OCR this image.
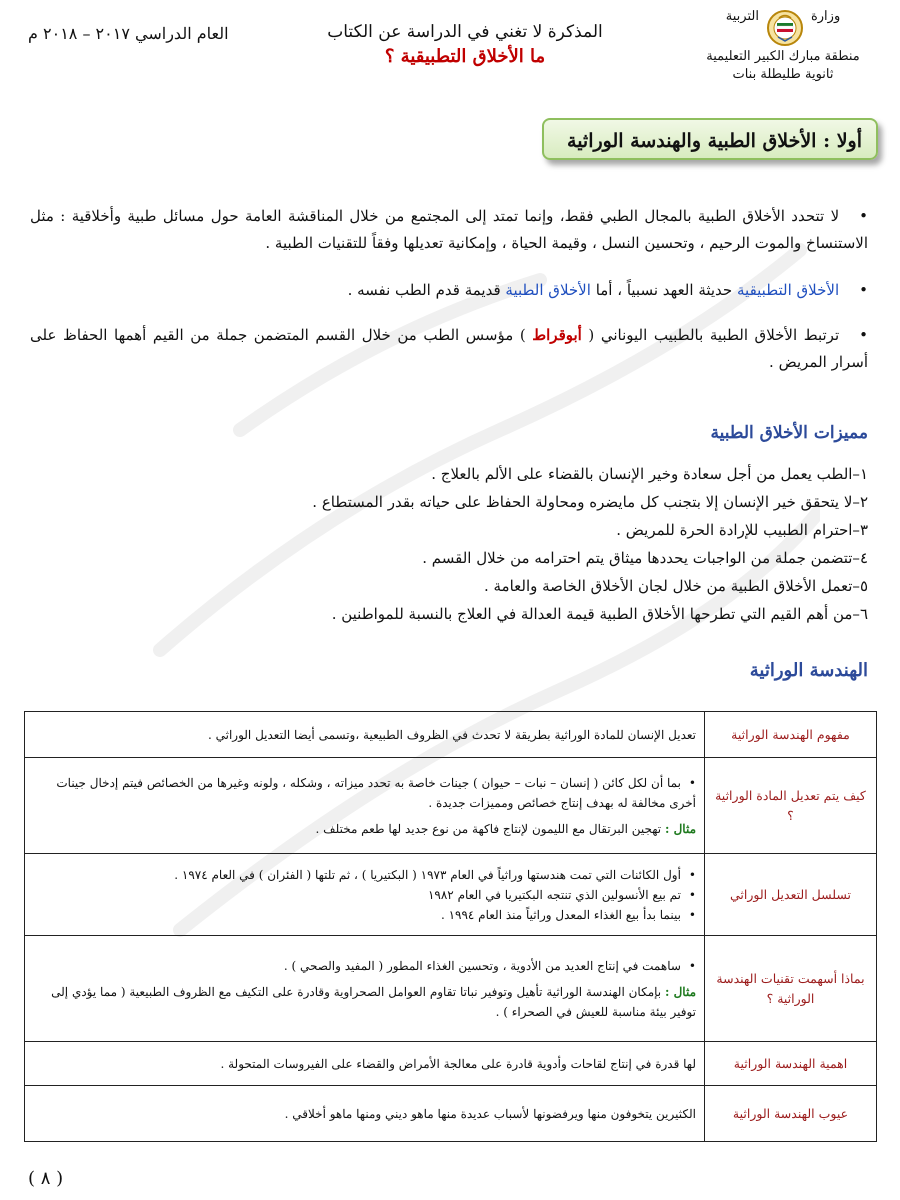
وزارة
التربية
منطقة مبارك الكبير التعليمية
ثانوية طليطلة بنات
المذكرة لا تغني في الدراسة عن الكتاب
ما الأخلاق التطبيقية ؟
العام الدراسي ٢٠١٧ – ٢٠١٨ م
أولا : الأخلاق الطبية والهندسة الوراثية
•لا تتحدد الأخلاق الطبية بالمجال الطبي فقط، وإنما تمتد إلى المجتمع من خلال المناقشة العامة حول مسائل طبية وأخلاقية : مثل الاستنساخ والموت الرحيم ، وتحسين النسل ، وقيمة الحياة ، وإمكانية تعديلها وفقاً للتقنيات الطبية .
•الأخلاق التطبيقية حديثة العهد نسبياً ، أما الأخلاق الطبية قديمة قدم الطب نفسه .
•ترتبط الأخلاق الطبية بالطبيب اليوناني ( أبوقراط ) مؤسس الطب من خلال القسم المتضمن جملة من القيم أهمها الحفاظ على أسرار المريض .
مميزات الأخلاق الطبية
١–الطب يعمل من أجل سعادة وخير الإنسان بالقضاء على الألم بالعلاج .
٢–لا يتحقق خير الإنسان إلا بتجنب كل مايضره ومحاولة الحفاظ على حياته بقدر المستطاع .
٣–احترام الطبيب للإرادة الحرة للمريض .
٤–تتضمن جملة من الواجبات يحددها ميثاق يتم احترامه من خلال القسم .
٥–تعمل الأخلاق الطبية من خلال لجان الأخلاق الخاصة والعامة .
٦–من أهم القيم التي تطرحها الأخلاق الطبية قيمة العدالة في العلاج بالنسبة للمواطنين .
الهندسة الوراثية
مفهوم الهندسة الوراثية	تعديل الإنسان للمادة الوراثية بطريقة لا تحدث في الظروف الطبيعية ،وتسمى أيضا التعديل الوراثي .
كيف يتم تعديل المادة الوراثية ؟	
• بما أن لكل كائن ( إنسان – نبات – حيوان ) جينات خاصة به تحدد ميزاته ، وشكله ، ولونه وغيرها من الخصائص فيتم إدخال جينات أخرى مخالفة له بهدف إنتاج خصائص ومميزات جديدة .
مثال : تهجين البرتقال مع الليمون لإنتاج فاكهة من نوع جديد لها طعم مختلف .

تسلسل التعديل الوراثي	
• أول الكائنات التي تمت هندستها وراثياً في العام ١٩٧٣ ( البكتيريا ) ، ثم تلتها ( الفئران ) في العام ١٩٧٤ .
• تم بيع الأنسولين الذي تنتجه البكتيريا في العام ١٩٨٢
• بينما بدأ بيع الغذاء المعدل وراثياً منذ العام ١٩٩٤ .

بماذا أسهمت تقنيات الهندسة الوراثية ؟	
• ساهمت في إنتاج العديد من الأدوية ، وتحسين الغذاء المطور ( المفيد والصحي ) .
مثال : بإمكان الهندسة الوراثية تأهيل وتوفير نباتا تقاوم العوامل الصحراوية وقادرة على التكيف مع الظروف الطبيعية ( مما يؤدي إلى توفير بيئة مناسبة للعيش في الصحراء ) .

اهمية الهندسة الوراثية	لها قدرة في إنتاج لقاحات وأدوية قادرة على معالجة الأمراض والقضاء على الفيروسات المتحولة .
عيوب الهندسة الوراثية	الكثيرين يتخوفون منها ويرفضونها لأسباب عديدة منها ماهو ديني ومنها ماهو أخلاقي .
( ٨ )
